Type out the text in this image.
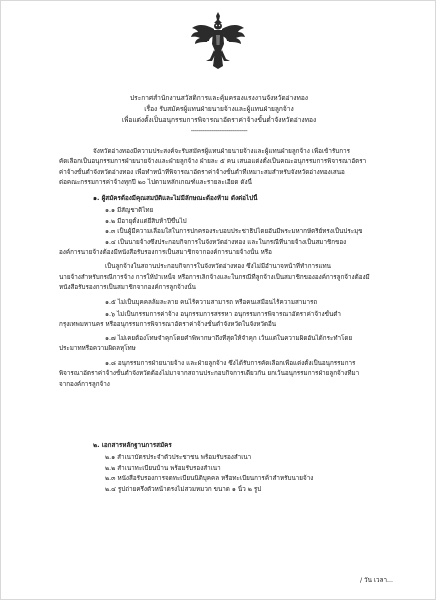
ประกาศสำนักงานสวัสดิการและคุ้มครองแรงงานจังหวัดอ่างทอง
เรื่อง รับสมัครผู้แทนฝ่ายนายจ้างและผู้แทนฝ่ายลูกจ้าง
เพื่อแต่งตั้งเป็นอนุกรรมการพิจารณาอัตราค่าจ้างขั้นต่ำจังหวัดอ่างทอง
------------------------------

จังหวัดอ่างทองมีความประสงค์จะรับสมัครผู้แทนฝ่ายนายจ้างและผู้แทนฝ่ายลูกจ้าง เพื่อเข้ารับการ

คัดเลือกเป็นอนุกรรมการฝ่ายนายจ้างและฝ่ายลูกจ้าง ฝ่ายละ ๕ คน เสนอแต่งตั้งเป็นคณะอนุกรรมการพิจารณาอัตรา

ค่าจ้างขั้นต่ำจังหวัดอ่างทอง เพื่อทำหน้าที่พิจารณาอัตราค่าจ้างขั้นต่ำที่เหมาะสมสำหรับจังหวัดอ่างทองเสนอ

ต่อคณะกรรมการค่าจ้างทุกปี ๒๐ ไปตามหลักเกณฑ์และรายละเอียด ดังนี้

๑. ผู้สมัครต้องมีคุณสมบัติและไม่มีลักษณะต้องห้าม ดังต่อไปนี้

๑.๑ มีสัญชาติไทย

๑.๒ มีอายุตั้งแต่ยี่สิบห้าปีขึ้นไป

๑.๓ เป็นผู้มีความเลื่อมใสในการปกครองระบอบประชาธิปไตยอันมีพระมหากษัตริย์ทรงเป็นประมุข

๑.๔ เป็นนายจ้างซึ่งประกอบกิจการในจังหวัดอ่างทอง และในกรณีที่นายจ้างเป็นสมาชิกของ

องค์การนายจ้างต้องมีหนังสือรับรองการเป็นสมาชิกจากองค์การนายจ้างนั้น หรือ

เป็นลูกจ้างในสถานประกอบกิจการในจังหวัดอ่างทอง ซึ่งไม่มีอำนาจหน้าที่ทำการแทน

นายจ้างสำหรับกรณีการจ้าง การให้บำเหน็จ หรือการเลิกจ้างและในกรณีที่ลูกจ้างเป็นสมาชิกขององค์การลูกจ้างต้องมี

หนังสือรับรองการเป็นสมาชิกจากองค์การลูกจ้างนั้น

๑.๕ ไม่เป็นบุคคลล้มละลาย คนไร้ความสามารถ หรือคนเสมือนไร้ความสามารถ

๑.๖ ไม่เป็นกรรมการค่าจ้าง อนุกรรมการสรรหา อนุกรรมการพิจารณาอัตราค่าจ้างขั้นต่ำ

กรุงเทพมหานคร หรืออนุกรรมการพิจารณาอัตราค่าจ้างขั้นต่ำจังหวัดในจังหวัดอื่น

๑.๗ ไม่เคยต้องโทษจำคุกโดยคำพิพากษาถึงที่สุดให้จำคุก เว้นแต่ในความผิดอันได้กระทำโดย

ประมาทหรือความผิดลหุโทษ

๑.๘ อนุกรรมการฝ่ายนายจ้าง และฝ่ายลูกจ้าง ซึ่งได้รับการคัดเลือกเพื่อแต่งตั้งเป็นอนุกรรมการ

พิจารณาอัตราค่าจ้างขั้นต่ำจังหวัดต้องไม่มาจากสถานประกอบกิจการเดียวกัน ยกเว้นอนุกรรมการฝ่ายลูกจ้างที่มา

จากองค์การลูกจ้าง

๒. เอกสารหลักฐานการสมัคร

๒.๑ สำเนาบัตรประจำตัวประชาชน พร้อมรับรองสำเนา

๒.๒ สำเนาทะเบียนบ้าน พร้อมรับรองสำเนา

๒.๓ หนังสือรับรองการจดทะเบียนนิติบุคคล หรือทะเบียนการค้าสำหรับนายจ้าง

๒.๔ รูปถ่ายครึ่งตัวหน้าตรงไม่สวมหมวก ขนาด ๑ นิ้ว ๒ รูป

/ วัน เวลา...
